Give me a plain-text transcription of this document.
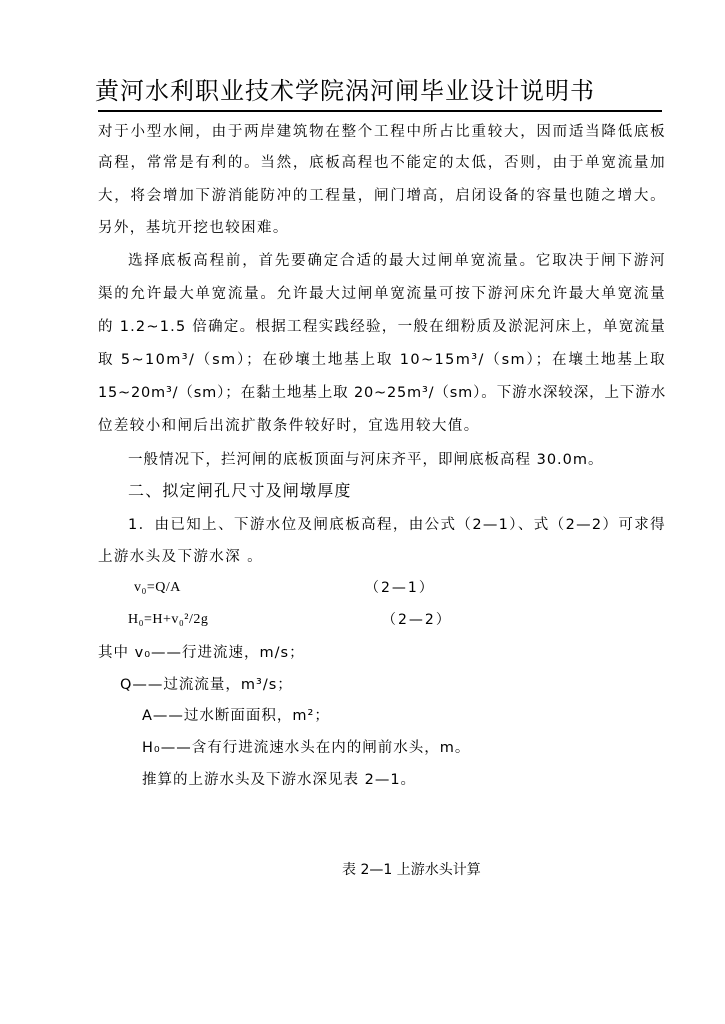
黄河水利职业技术学院涡河闸毕业设计说明书
对于小型水闸，由于两岸建筑物在整个工程中所占比重较大，因而适当降低底板
高程，常常是有利的。当然，底板高程也不能定的太低，否则，由于单宽流量加
大，将会增加下游消能防冲的工程量，闸门增高，启闭设备的容量也随之增大。
另外，基坑开挖也较困难。
选择底板高程前，首先要确定合适的最大过闸单宽流量。它取决于闸下游河
渠的允许最大单宽流量。允许最大过闸单宽流量可按下游河床允许最大单宽流量
的 1.2~1.5 倍确定。根据工程实践经验，一般在细粉质及淤泥河床上，单宽流量
取 5~10m³/（sm）；在砂壤土地基上取 10~15m³/（sm）；在壤土地基上取
15~20m³/（sm）；在黏土地基上取 20~25m³/（sm）。下游水深较深，上下游水
位差较小和闸后出流扩散条件较好时，宜选用较大值。
一般情况下，拦河闸的底板顶面与河床齐平，即闸底板高程 30.0m。
二、拟定闸孔尺寸及闸墩厚度
1．由已知上、下游水位及闸底板高程，由公式（2—1）、式（2—2）可求得
上游水头及下游水深 。
v₀=Q/A	（2—1）
H₀=H+v₀²/2g	（2—2）
其中 v₀——行进流速，m/s；
Q——过流流量，m³/s；
A——过水断面面积，m²；
H₀——含有行进流速水头在内的闸前水头，m。
推算的上游水头及下游水深见表 2—1。
表 2—1 上游水头计算
